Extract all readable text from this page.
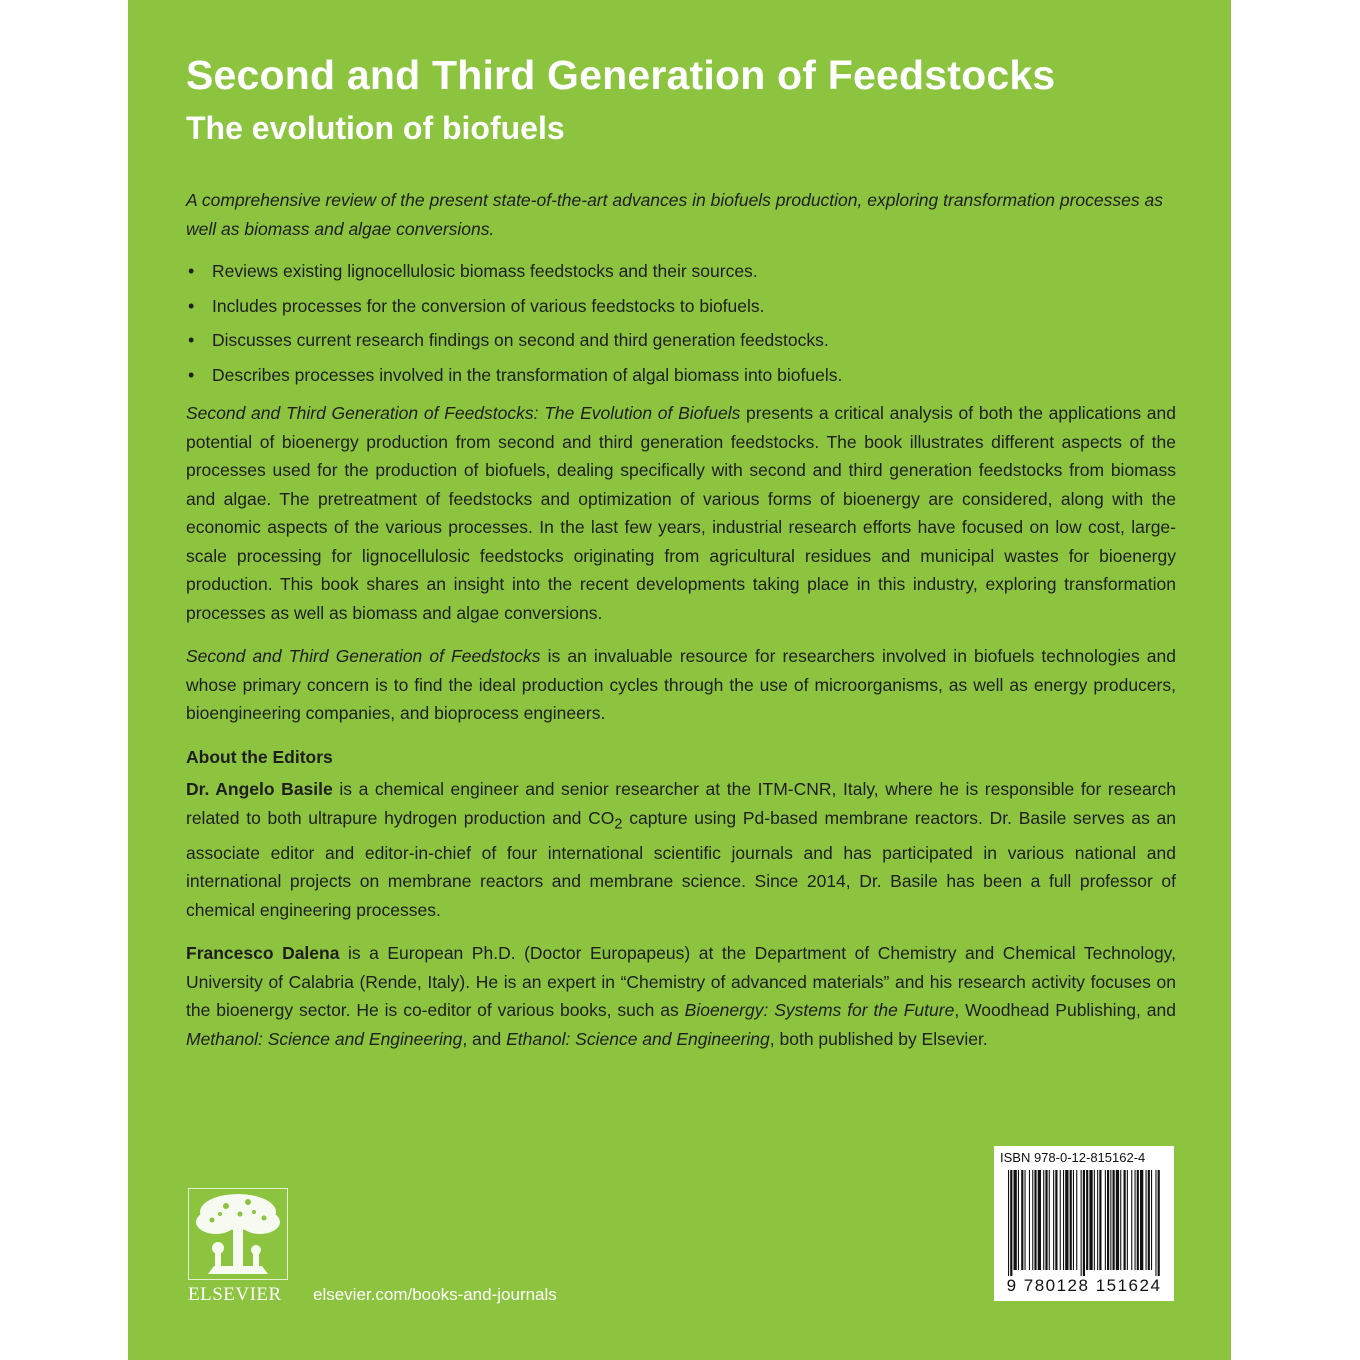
Second and Third Generation of Feedstocks
The evolution of biofuels

A comprehensive review of the present state-of-the-art advances in biofuels production, exploring transformation processes as well as biomass and algae conversions.

• Reviews existing lignocellulosic biomass feedstocks and their sources.
• Includes processes for the conversion of various feedstocks to biofuels.
• Discusses current research findings on second and third generation feedstocks.
• Describes processes involved in the transformation of algal biomass into biofuels.

Second and Third Generation of Feedstocks: The Evolution of Biofuels presents a critical analysis of both the applications and potential of bioenergy production from second and third generation feedstocks. The book illustrates different aspects of the processes used for the production of biofuels, dealing specifically with second and third generation feedstocks from biomass and algae. The pretreatment of feedstocks and optimization of various forms of bioenergy are considered, along with the economic aspects of the various processes. In the last few years, industrial research efforts have focused on low cost, large-scale processing for lignocellulosic feedstocks originating from agricultural residues and municipal wastes for bioenergy production. This book shares an insight into the recent developments taking place in this industry, exploring transformation processes as well as biomass and algae conversions.

Second and Third Generation of Feedstocks is an invaluable resource for researchers involved in biofuels technologies and whose primary concern is to find the ideal production cycles through the use of microorganisms, as well as energy producers, bioengineering companies, and bioprocess engineers.

About the Editors

Dr. Angelo Basile is a chemical engineer and senior researcher at the ITM-CNR, Italy, where he is responsible for research related to both ultrapure hydrogen production and $CO_2$ capture using Pd-based membrane reactors. Dr. Basile serves as an associate editor and editor-in-chief of four international scientific journals and has participated in various national and international projects on membrane reactors and membrane science. Since 2014, Dr. Basile has been a full professor of chemical engineering processes.

Francesco Dalena is a European Ph.D. (Doctor Europapeus) at the Department of Chemistry and Chemical Technology, University of Calabria (Rende, Italy). He is an expert in “Chemistry of advanced materials” and his research activity focuses on the bioenergy sector. He is co-editor of various books, such as Bioenergy: Systems for the Future, Woodhead Publishing, and Methanol: Science and Engineering, and Ethanol: Science and Engineering, both published by Elsevier.

ISBN 978-0-12-815162-4
9 780128 151624

ELSEVIER elsevier.com/books-and-journals
